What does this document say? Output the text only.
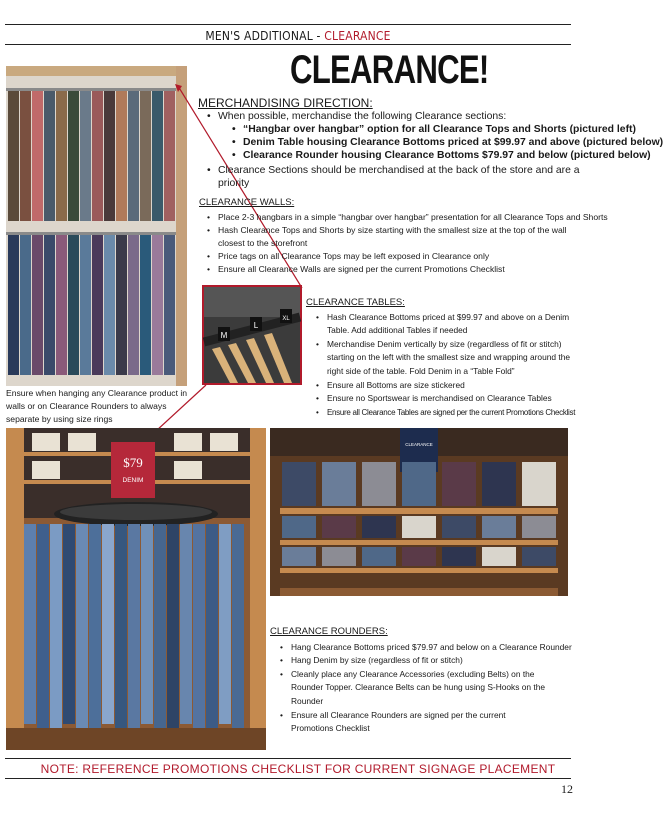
MEN'S ADDITIONAL - CLEARANCE
CLEARANCE!
M
L
XL
MERCHANDISING DIRECTION:
• When possible, merchandise the following Clearance sections:
• “Hangbar over hangbar” option for all Clearance Tops and Shorts (pictured left)
• Denim Table housing Clearance Bottoms priced at $99.97 and above (pictured below)
• Clearance Rounder housing Clearance Bottoms $79.97 and below (pictured below)
• Clearance Sections should be merchandised at the back of the store and are a priority
CLEARANCE WALLS:
• Place 2-3 hangbars in a simple “hangbar over hangbar” presentation for all Clearance Tops and Shorts
• Hash Clearance Tops and Shorts by size starting with the smallest size at the top of the wall closest to the storefront
• Price tags on all Clearance Tops may be left exposed in Clearance only
• Ensure all Clearance Walls are signed per the current Promotions Checklist
CLEARANCE TABLES:
• Hash Clearance Bottoms priced at $99.97 and above on a Denim Table. Add additional Tables if needed
• Merchandise Denim vertically by size (regardless of fit or stitch) starting on the left with the smallest size and wrapping around the right side of the table. Fold Denim in a “Table Fold”
• Ensure all Bottoms are size stickered
• Ensure no Sportswear is merchandised on Clearance Tables
• Ensure all Clearance Tables are signed per the current Promotions Checklist
Ensure when hanging any Clearance product in walls or on Clearance Rounders to always separate by using size rings
$79
DENIM
CLEARANCE
CLEARANCE ROUNDERS:
• Hang Clearance Bottoms priced $79.97 and below on a Clearance Rounder
• Hang Denim by size (regardless of fit or stitch)
• Cleanly place any Clearance Accessories (excluding Belts) on the Rounder Topper. Clearance Belts can be hung using S-Hooks on the Rounder
• Ensure all Clearance Rounders are signed per the current Promotions Checklist
NOTE: REFERENCE PROMOTIONS CHECKLIST FOR CURRENT SIGNAGE PLACEMENT
12
